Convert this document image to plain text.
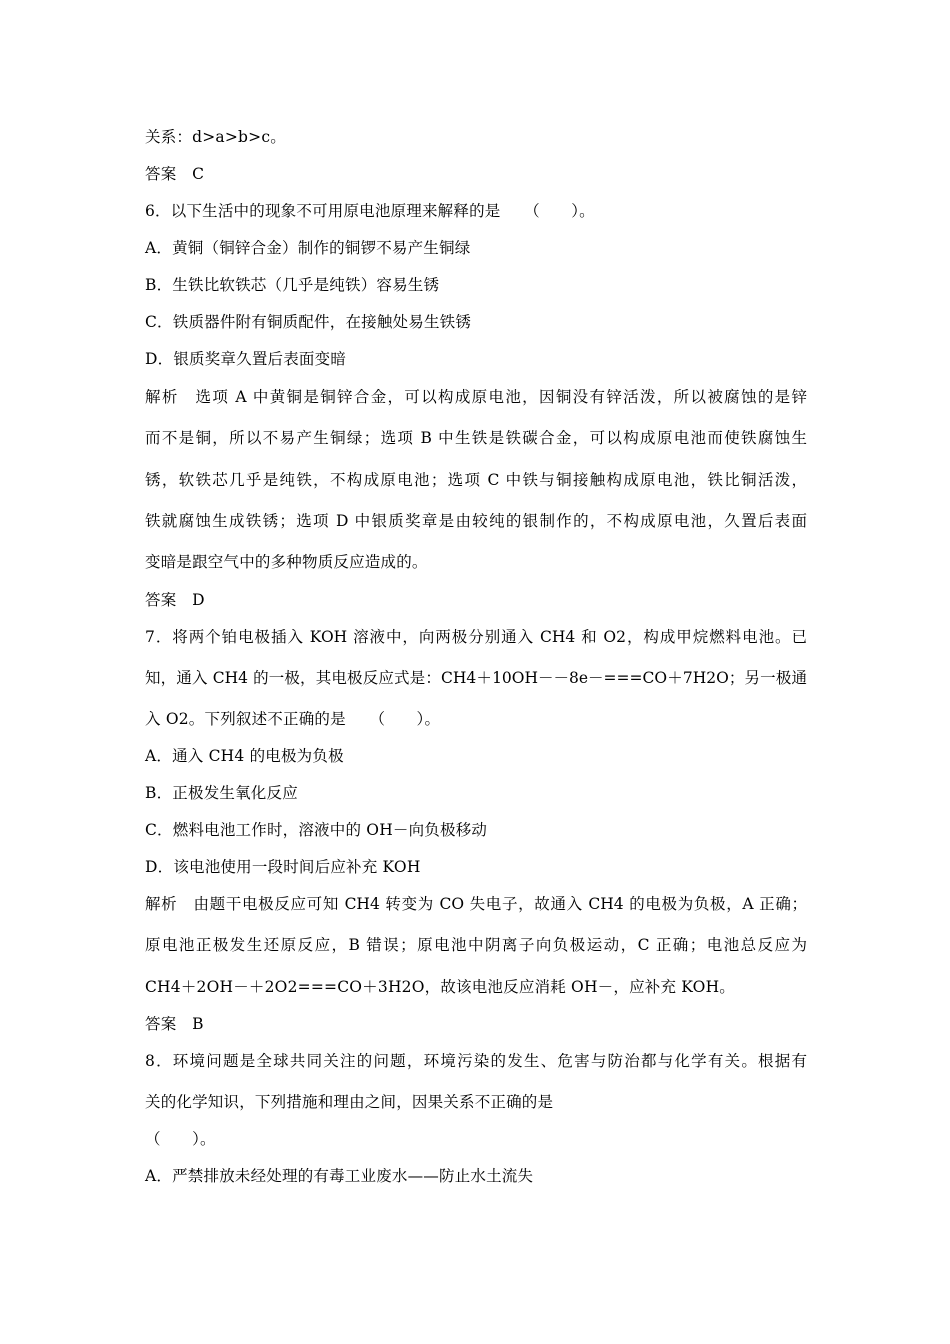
关系：d>a>b>c。
答案　C
6．以下生活中的现象不可用原电池原理来解释的是　　（　　）。
A．黄铜（铜锌合金）制作的铜锣不易产生铜绿
B．生铁比软铁芯（几乎是纯铁）容易生锈
C．铁质器件附有铜质配件，在接触处易生铁锈
D．银质奖章久置后表面变暗
解析　选项 A 中黄铜是铜锌合金，可以构成原电池，因铜没有锌活泼，所以被腐蚀的是锌
而不是铜，所以不易产生铜绿；选项 B 中生铁是铁碳合金，可以构成原电池而使铁腐蚀生
锈，软铁芯几乎是纯铁，不构成原电池；选项 C 中铁与铜接触构成原电池，铁比铜活泼，
铁就腐蚀生成铁锈；选项 D 中银质奖章是由较纯的银制作的，不构成原电池，久置后表面
变暗是跟空气中的多种物质反应造成的。
答案　D
7．将两个铂电极插入 KOH 溶液中，向两极分别通入 CH4 和 O2，构成甲烷燃料电池。已
知，通入 CH4 的一极，其电极反应式是：CH4＋10OH－－8e－===CO＋7H2O；另一极通
入 O2。下列叙述不正确的是　　（　　）。
A．通入 CH4 的电极为负极
B．正极发生氧化反应
C．燃料电池工作时，溶液中的 OH－向负极移动
D．该电池使用一段时间后应补充 KOH
解析　由题干电极反应可知 CH4 转变为 CO 失电子，故通入 CH4 的电极为负极，A 正确；
原电池正极发生还原反应，B 错误；原电池中阴离子向负极运动，C 正确；电池总反应为
CH4＋2OH－＋2O2===CO＋3H2O，故该电池反应消耗 OH－，应补充 KOH。
答案　B
8．环境问题是全球共同关注的问题，环境污染的发生、危害与防治都与化学有关。根据有
关的化学知识，下列措施和理由之间，因果关系不正确的是
（　　）。
A．严禁排放未经处理的有毒工业废水——防止水土流失
